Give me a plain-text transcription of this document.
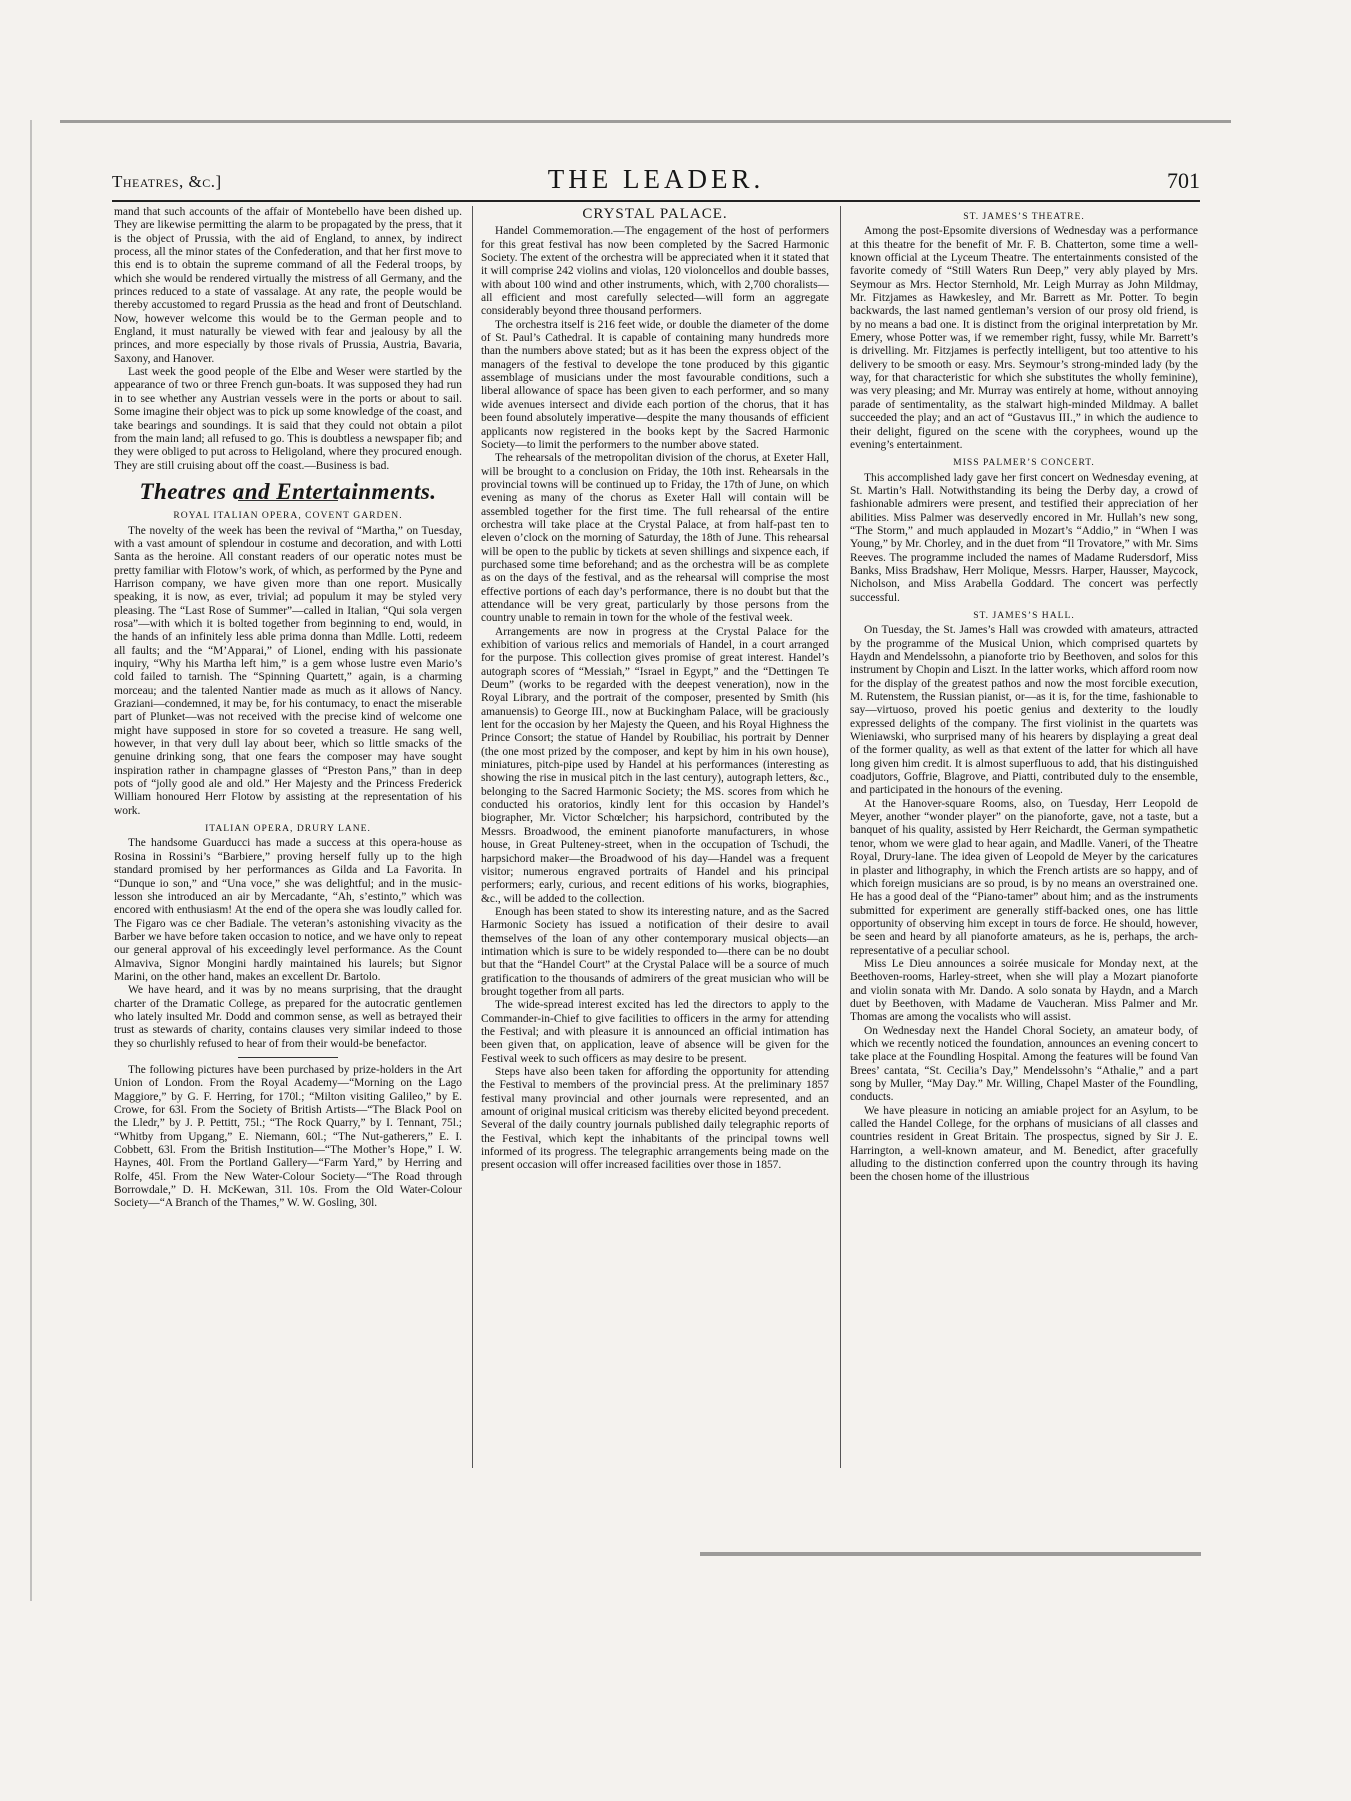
Theatres, &c.]	THE LEADER.	701

mand that such accounts of the affair of Montebello have been dished up. They are likewise permitting the alarm to be propagated by the press, that it is the object of Prussia, with the aid of England, to annex, by indirect process, all the minor states of the Confederation, and that her first move to this end is to obtain the supreme command of all the Federal troops, by which she would be rendered virtually the mistress of all Germany, and the princes reduced to a state of vassalage. At any rate, the people would be thereby accustomed to regard Prussia as the head and front of Deutschland. Now, however welcome this would be to the German people and to England, it must naturally be viewed with fear and jealousy by all the princes, and more especially by those rivals of Prussia, Austria, Bavaria, Saxony, and Hanover.

Last week the good people of the Elbe and Weser were startled by the appearance of two or three French gun-boats. It was supposed they had run in to see whether any Austrian vessels were in the ports or about to sail. Some imagine their object was to pick up some knowledge of the coast, and take bearings and soundings. It is said that they could not obtain a pilot from the main land; all refused to go. This is doubtless a newspaper fib; and they were obliged to put across to Heligoland, where they procured enough. They are still cruising about off the coast.—Business is bad.

Theatres and Entertainments.
ROYAL ITALIAN OPERA, COVENT GARDEN.

The novelty of the week has been the revival of “Martha,” on Tuesday, with a vast amount of splendour in costume and decoration, and with Lotti Santa as the heroine. All constant readers of our operatic notes must be pretty familiar with Flotow’s work, of which, as performed by the Pyne and Harrison company, we have given more than one report. Musically speaking, it is now, as ever, trivial; ad populum it may be styled very pleasing. The “Last Rose of Summer”—called in Italian, “Qui sola vergen rosa”—with which it is bolted together from beginning to end, would, in the hands of an infinitely less able prima donna than Mdlle. Lotti, redeem all faults; and the “M’Apparai,” of Lionel, ending with his passionate inquiry, “Why his Martha left him,” is a gem whose lustre even Mario’s cold failed to tarnish. The “Spinning Quartett,” again, is a charming morceau; and the talented Nantier made as much as it allows of Nancy. Graziani—condemned, it may be, for his contumacy, to enact the miserable part of Plunket—was not received with the precise kind of welcome one might have supposed in store for so coveted a treasure. He sang well, however, in that very dull lay about beer, which so little smacks of the genuine drinking song, that one fears the composer may have sought inspiration rather in champagne glasses of “Preston Pans,” than in deep pots of “jolly good ale and old.” Her Majesty and the Princess Frederick William honoured Herr Flotow by assisting at the representation of his work.

ITALIAN OPERA, DRURY LANE.

The handsome Guarducci has made a success at this opera-house as Rosina in Rossini’s “Barbiere,” proving herself fully up to the high standard promised by her performances as Gilda and La Favorita. In “Dunque io son,” and “Una voce,” she was delightful; and in the music-lesson she introduced an air by Mercadante, “Ah, s’estinto,” which was encored with enthusiasm! At the end of the opera she was loudly called for. The Figaro was ce cher Badiale. The veteran’s astonishing vivacity as the Barber we have before taken occasion to notice, and we have only to repeat our general approval of his exceedingly level performance. As the Count Almaviva, Signor Mongini hardly maintained his laurels; but Signor Marini, on the other hand, makes an excellent Dr. Bartolo.

We have heard, and it was by no means surprising, that the draught charter of the Dramatic College, as prepared for the autocratic gentlemen who lately insulted Mr. Dodd and common sense, as well as betrayed their trust as stewards of charity, contains clauses very similar indeed to those they so churlishly refused to hear of from their would-be benefactor.

The following pictures have been purchased by prize-holders in the Art Union of London. From the Royal Academy—“Morning on the Lago Maggiore,” by G. F. Herring, for 170l.; “Milton visiting Galileo,” by E. Crowe, for 63l. From the Society of British Artists—“The Black Pool on the Lledr,” by J. P. Pettitt, 75l.; “The Rock Quarry,” by I. Tennant, 75l.; “Whitby from Upgang,” E. Niemann, 60l.; “The Nut-gatherers,” E. I. Cobbett, 63l. From the British Institution—“The Mother’s Hope,” I. W. Haynes, 40l. From the Portland Gallery—“Farm Yard,” by Herring and Rolfe, 45l. From the New Water-Colour Society—“The Road through Borrowdale,” D. H. McKewan, 31l. 10s. From the Old Water-Colour Society—“A Branch of the Thames,” W. W. Gosling, 30l.

CRYSTAL PALACE.

Handel Commemoration.—The engagement of the host of performers for this great festival has now been completed by the Sacred Harmonic Society. The extent of the orchestra will be appreciated when it it stated that it will comprise 242 violins and violas, 120 violoncellos and double basses, with about 100 wind and other instruments, which, with 2,700 choralists—all efficient and most carefully selected—will form an aggregate considerably beyond three thousand performers.

The orchestra itself is 216 feet wide, or double the diameter of the dome of St. Paul’s Cathedral. It is capable of containing many hundreds more than the numbers above stated; but as it has been the express object of the managers of the festival to develope the tone produced by this gigantic assemblage of musicians under the most favourable conditions, such a liberal allowance of space has been given to each performer, and so many wide avenues intersect and divide each portion of the chorus, that it has been found absolutely imperative—despite the many thousands of efficient applicants now registered in the books kept by the Sacred Harmonic Society—to limit the performers to the number above stated.

The rehearsals of the metropolitan division of the chorus, at Exeter Hall, will be brought to a conclusion on Friday, the 10th inst. Rehearsals in the provincial towns will be continued up to Friday, the 17th of June, on which evening as many of the chorus as Exeter Hall will contain will be assembled together for the first time. The full rehearsal of the entire orchestra will take place at the Crystal Palace, at from half-past ten to eleven o’clock on the morning of Saturday, the 18th of June. This rehearsal will be open to the public by tickets at seven shillings and sixpence each, if purchased some time beforehand; and as the orchestra will be as complete as on the days of the festival, and as the rehearsal will comprise the most effective portions of each day’s performance, there is no doubt but that the attendance will be very great, particularly by those persons from the country unable to remain in town for the whole of the festival week.

Arrangements are now in progress at the Crystal Palace for the exhibition of various relics and memorials of Handel, in a court arranged for the purpose. This collection gives promise of great interest. Handel’s autograph scores of “Messiah,” “Israel in Egypt,” and the “Dettingen Te Deum” (works to be regarded with the deepest veneration), now in the Royal Library, and the portrait of the composer, presented by Smith (his amanuensis) to George III., now at Buckingham Palace, will be graciously lent for the occasion by her Majesty the Queen, and his Royal Highness the Prince Consort; the statue of Handel by Roubiliac, his portrait by Denner (the one most prized by the composer, and kept by him in his own house), miniatures, pitch-pipe used by Handel at his performances (interesting as showing the rise in musical pitch in the last century), autograph letters, &c., belonging to the Sacred Harmonic Society; the MS. scores from which he conducted his oratorios, kindly lent for this occasion by Handel’s biographer, Mr. Victor Schœlcher; his harpsichord, contributed by the Messrs. Broadwood, the eminent pianoforte manufacturers, in whose house, in Great Pulteney-street, when in the occupation of Tschudi, the harpsichord maker—the Broadwood of his day—Handel was a frequent visitor; numerous engraved portraits of Handel and his principal performers; early, curious, and recent editions of his works, biographies, &c., will be added to the collection.

Enough has been stated to show its interesting nature, and as the Sacred Harmonic Society has issued a notification of their desire to avail themselves of the loan of any other contemporary musical objects—an intimation which is sure to be widely responded to—there can be no doubt but that the “Handel Court” at the Crystal Palace will be a source of much gratification to the thousands of admirers of the great musician who will be brought together from all parts.

The wide-spread interest excited has led the directors to apply to the Commander-in-Chief to give facilities to officers in the army for attending the Festival; and with pleasure it is announced an official intimation has been given that, on application, leave of absence will be given for the Festival week to such officers as may desire to be present.

Steps have also been taken for affording the opportunity for attending the Festival to members of the provincial press. At the preliminary 1857 festival many provincial and other journals were represented, and an amount of original musical criticism was thereby elicited beyond precedent. Several of the daily country journals published daily telegraphic reports of the Festival, which kept the inhabitants of the principal towns well informed of its progress. The telegraphic arrangements being made on the present occasion will offer increased facilities over those in 1857.

ST. JAMES’S THEATRE.

Among the post-Epsomite diversions of Wednesday was a performance at this theatre for the benefit of Mr. F. B. Chatterton, some time a well-known official at the Lyceum Theatre. The entertainments consisted of the favorite comedy of “Still Waters Run Deep,” very ably played by Mrs. Seymour as Mrs. Hector Sternhold, Mr. Leigh Murray as John Mildmay, Mr. Fitzjames as Hawkesley, and Mr. Barrett as Mr. Potter. To begin backwards, the last named gentleman’s version of our prosy old friend, is by no means a bad one. It is distinct from the original interpretation by Mr. Emery, whose Potter was, if we remember right, fussy, while Mr. Barrett’s is drivelling. Mr. Fitzjames is perfectly intelligent, but too attentive to his delivery to be smooth or easy. Mrs. Seymour’s strong-minded lady (by the way, for that characteristic for which she substitutes the wholly feminine), was very pleasing; and Mr. Murray was entirely at home, without annoying parade of sentimentality, as the stalwart high-minded Mildmay. A ballet succeeded the play; and an act of “Gustavus III.,” in which the audience to their delight, figured on the scene with the coryphees, wound up the evening’s entertainment.

MISS PALMER’S CONCERT.

This accomplished lady gave her first concert on Wednesday evening, at St. Martin’s Hall. Notwithstanding its being the Derby day, a crowd of fashionable admirers were present, and testified their appreciation of her abilities. Miss Palmer was deservedly encored in Mr. Hullah’s new song, “The Storm,” and much applauded in Mozart’s “Addio,” in “When I was Young,” by Mr. Chorley, and in the duet from “Il Trovatore,” with Mr. Sims Reeves. The programme included the names of Madame Rudersdorf, Miss Banks, Miss Bradshaw, Herr Molique, Messrs. Harper, Hausser, Maycock, Nicholson, and Miss Arabella Goddard. The concert was perfectly successful.

ST. JAMES’S HALL.

On Tuesday, the St. James’s Hall was crowded with amateurs, attracted by the programme of the Musical Union, which comprised quartets by Haydn and Mendelssohn, a pianoforte trio by Beethoven, and solos for this instrument by Chopin and Liszt. In the latter works, which afford room now for the display of the greatest pathos and now the most forcible execution, M. Rutenstem, the Russian pianist, or—as it is, for the time, fashionable to say—virtuoso, proved his poetic genius and dexterity to the loudly expressed delights of the company. The first violinist in the quartets was Wieniawski, who surprised many of his hearers by displaying a great deal of the former quality, as well as that extent of the latter for which all have long given him credit. It is almost superfluous to add, that his distinguished coadjutors, Goffrie, Blagrove, and Piatti, contributed duly to the ensemble, and participated in the honours of the evening.

At the Hanover-square Rooms, also, on Tuesday, Herr Leopold de Meyer, another “wonder player” on the pianoforte, gave, not a taste, but a banquet of his quality, assisted by Herr Reichardt, the German sympathetic tenor, whom we were glad to hear again, and Madlle. Vaneri, of the Theatre Royal, Drury-lane. The idea given of Leopold de Meyer by the caricatures in plaster and lithography, in which the French artists are so happy, and of which foreign musicians are so proud, is by no means an overstrained one. He has a good deal of the “Piano-tamer” about him; and as the instruments submitted for experiment are generally stiff-backed ones, one has little opportunity of observing him except in tours de force. He should, however, be seen and heard by all pianoforte amateurs, as he is, perhaps, the arch-representative of a peculiar school.

Miss Le Dieu announces a soirée musicale for Monday next, at the Beethoven-rooms, Harley-street, when she will play a Mozart pianoforte and violin sonata with Mr. Dando. A solo sonata by Haydn, and a March duet by Beethoven, with Madame de Vaucheran. Miss Palmer and Mr. Thomas are among the vocalists who will assist.

On Wednesday next the Handel Choral Society, an amateur body, of which we recently noticed the foundation, announces an evening concert to take place at the Foundling Hospital. Among the features will be found Van Brees’ cantata, “St. Cecilia’s Day,” Mendelssohn’s “Athalie,” and a part song by Muller, “May Day.” Mr. Willing, Chapel Master of the Foundling, conducts.

We have pleasure in noticing an amiable project for an Asylum, to be called the Handel College, for the orphans of musicians of all classes and countries resident in Great Britain. The prospectus, signed by Sir J. E. Harrington, a well-known amateur, and M. Benedict, after gracefully alluding to the distinction conferred upon the country through its having been the chosen home of the illustrious
